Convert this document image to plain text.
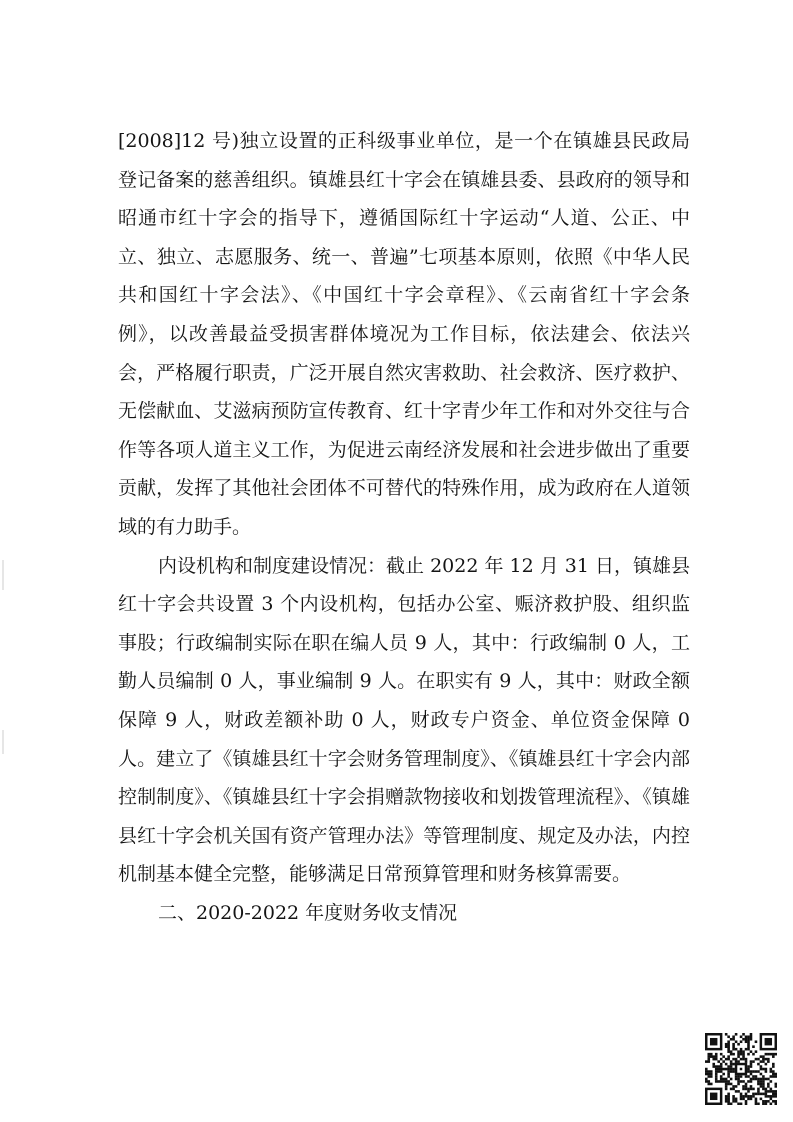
[2008]12 号)独立设置的正科级事业单位，是一个在镇雄县民政局登记备案的慈善组织。镇雄县红十字会在镇雄县委、县政府的领导和昭通市红十字会的指导下，遵循国际红十字运动“人道、公正、中立、独立、志愿服务、统一、普遍”七项基本原则，依照《中华人民共和国红十字会法》、《中国红十字会章程》、《云南省红十字会条例》，以改善最益受损害群体境况为工作目标，依法建会、依法兴会，严格履行职责，广泛开展自然灾害救助、社会救济、医疗救护、无偿献血、艾滋病预防宣传教育、红十字青少年工作和对外交往与合作等各项人道主义工作，为促进云南经济发展和社会进步做出了重要贡献，发挥了其他社会团体不可替代的特殊作用，成为政府在人道领域的有力助手。

内设机构和制度建设情况：截止 2022 年 12 月 31 日，镇雄县红十字会共设置 3 个内设机构，包括办公室、赈济救护股、组织监事股；行政编制实际在职在编人员 9 人，其中：行政编制 0 人，工勤人员编制 0 人，事业编制 9 人。在职实有 9 人，其中：财政全额保障 9 人，财政差额补助 0 人，财政专户资金、单位资金保障 0 人。建立了《镇雄县红十字会财务管理制度》、《镇雄县红十字会内部控制制度》、《镇雄县红十字会捐赠款物接收和划拨管理流程》、《镇雄县红十字会机关国有资产管理办法》等管理制度、规定及办法，内控机制基本健全完整，能够满足日常预算管理和财务核算需要。

二、2020-2022 年度财务收支情况
